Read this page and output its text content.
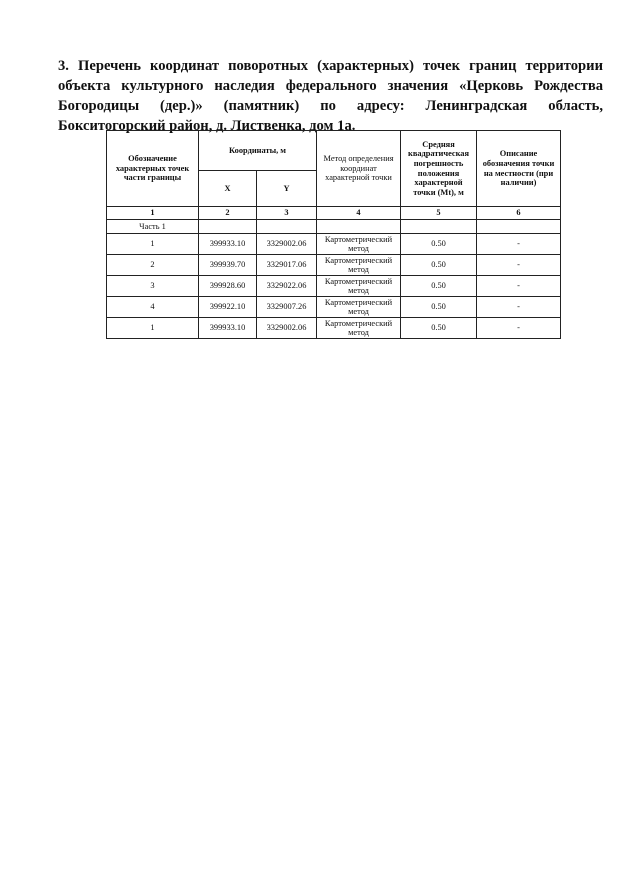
3. Перечень координат поворотных (характерных) точек границ территории объекта культурного наследия федерального значения «Церковь Рождества Богородицы (дер.)» (памятник) по адресу: Ленинградская область, Бокситогорский район, д. Лиственка, дом 1а.

Обозначение характерных точек части границы	Координаты, м		Метод определения координат характерной точки	Средняя квадратическая погрешность положения характерной точки (Mt), м	Описание обозначения точки на местности (при наличии)
	X	Y			
1	2	3	4	5	6
Часть 1					
1	399933.10	3329002.06	Картометрический метод	0.50	-
2	399939.70	3329017.06	Картометрический метод	0.50	-
3	399928.60	3329022.06	Картометрический метод	0.50	-
4	399922.10	3329007.26	Картометрический метод	0.50	-
1	399933.10	3329002.06	Картометрический метод	0.50	-
